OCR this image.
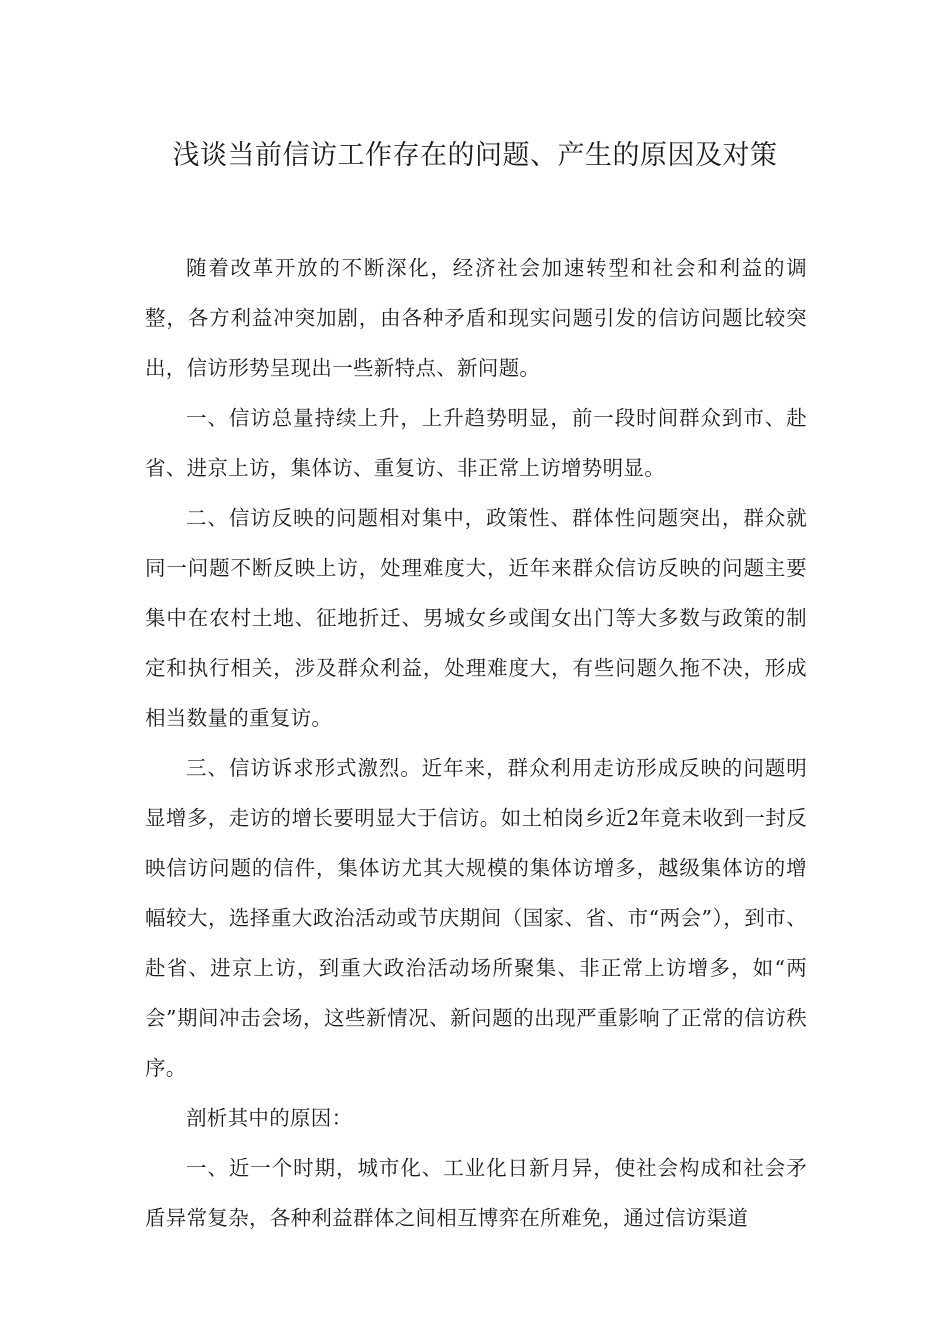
浅谈当前信访工作存在的问题、产生的原因及对策

随着改革开放的不断深化，经济社会加速转型和社会和利益的调整，各方利益冲突加剧，由各种矛盾和现实问题引发的信访问题比较突出，信访形势呈现出一些新特点、新问题。

一、信访总量持续上升，上升趋势明显，前一段时间群众到市、赴省、进京上访，集体访、重复访、非正常上访增势明显。

二、信访反映的问题相对集中，政策性、群体性问题突出，群众就同一问题不断反映上访，处理难度大，近年来群众信访反映的问题主要集中在农村土地、征地折迁、男城女乡或闺女出门等大多数与政策的制定和执行相关，涉及群众利益，处理难度大，有些问题久拖不决，形成相当数量的重复访。

三、信访诉求形式激烈。近年来，群众利用走访形成反映的问题明显增多，走访的增长要明显大于信访。如土柏岗乡近2年竟未收到一封反映信访问题的信件，集体访尤其大规模的集体访增多，越级集体访的增幅较大，选择重大政治活动或节庆期间（国家、省、市“两会”），到市、赴省、进京上访，到重大政治活动场所聚集、非正常上访增多，如“两会”期间冲击会场，这些新情况、新问题的出现严重影响了正常的信访秩序。

剖析其中的原因：

一、近一个时期，城市化、工业化日新月异，使社会构成和社会矛盾异常复杂，各种利益群体之间相互博弈在所难免，通过信访渠道
